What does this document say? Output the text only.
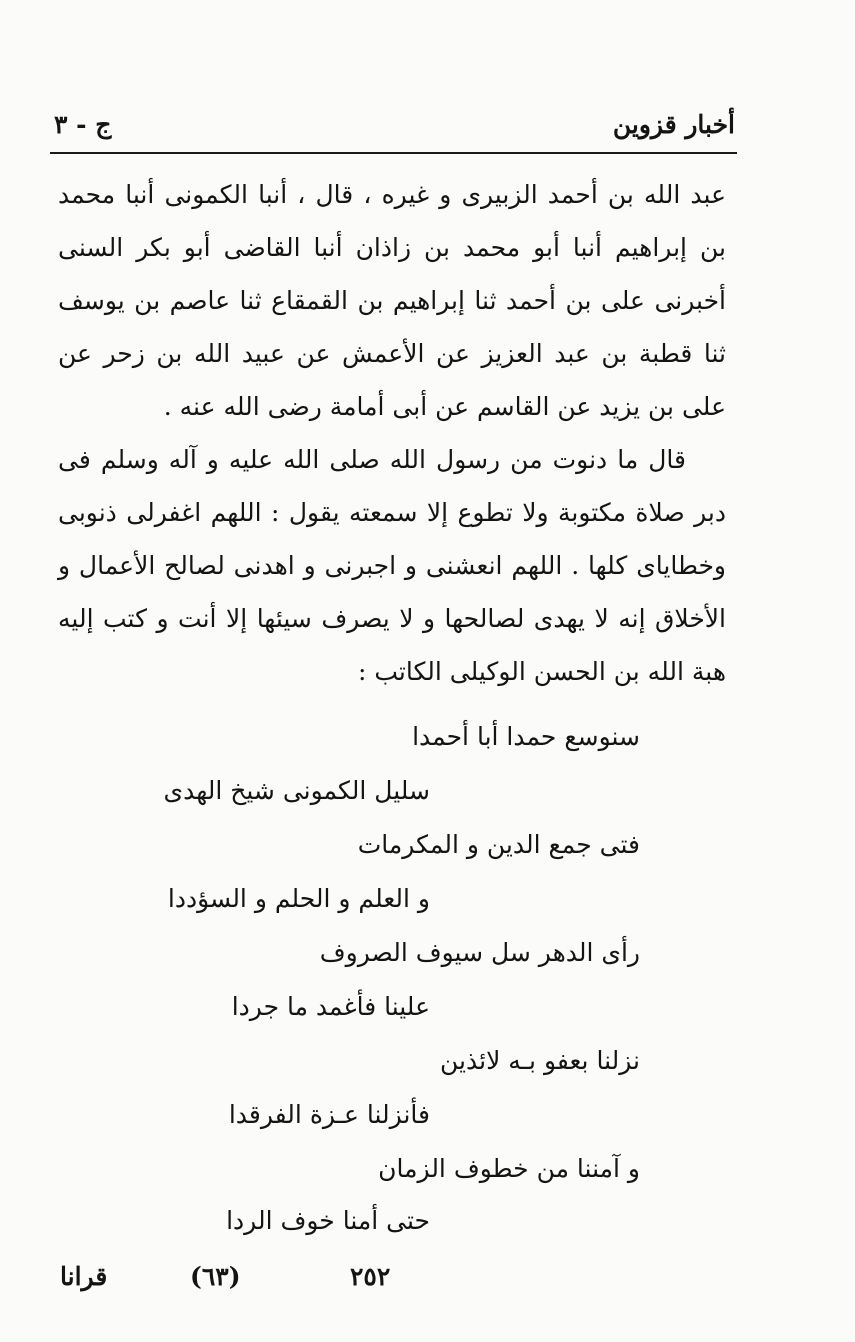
أخبار قزوين
ج - ٣

عبد الله بن أحمد الزبيرى و غيره ، قال ، أنبا الكمونى أنبا محمد بن إبراهيم أنبا أبو محمد بن زاذان أنبا القاضى أبو بكر السنى أخبرنى على بن أحمد ثنا إبراهيم بن القمقاع ثنا عاصم بن يوسف ثنا قطبة بن عبد العزيز عن الأعمش عن عبيد الله بن زحر عن على بن يزيد عن القاسم عن أبى أمامة رضى الله عنه .

قال ما دنوت من رسول الله صلى الله عليه و آله وسلم فى دبر صلاة مكتوبة ولا تطوع إلا سمعته يقول : اللهم اغفرلى ذنوبى وخطاياى كلها . اللهم انعشنى و اجبرنى و اهدنى لصالح الأعمال و الأخلاق إنه لا يهدى لصالحها و لا يصرف سيئها إلا أنت و كتب إليه هبة الله بن الحسن الوكيلى الكاتب :

سنوسع حمدا أبا أحمدا
سليل الكمونى شيخ الهدى
فتى جمع الدين و المكرمات
و العلم و الحلم و السؤددا
رأى الدهر سل سيوف الصروف
علينا فأغمد ما جردا
نزلنا بعفو بـه لائذين
فأنزلنا عـزة الفرقدا
و آمننا من خطوف الزمان
حتى أمنا خوف الردا
قرانا	(٦٣)	٢٥٢
